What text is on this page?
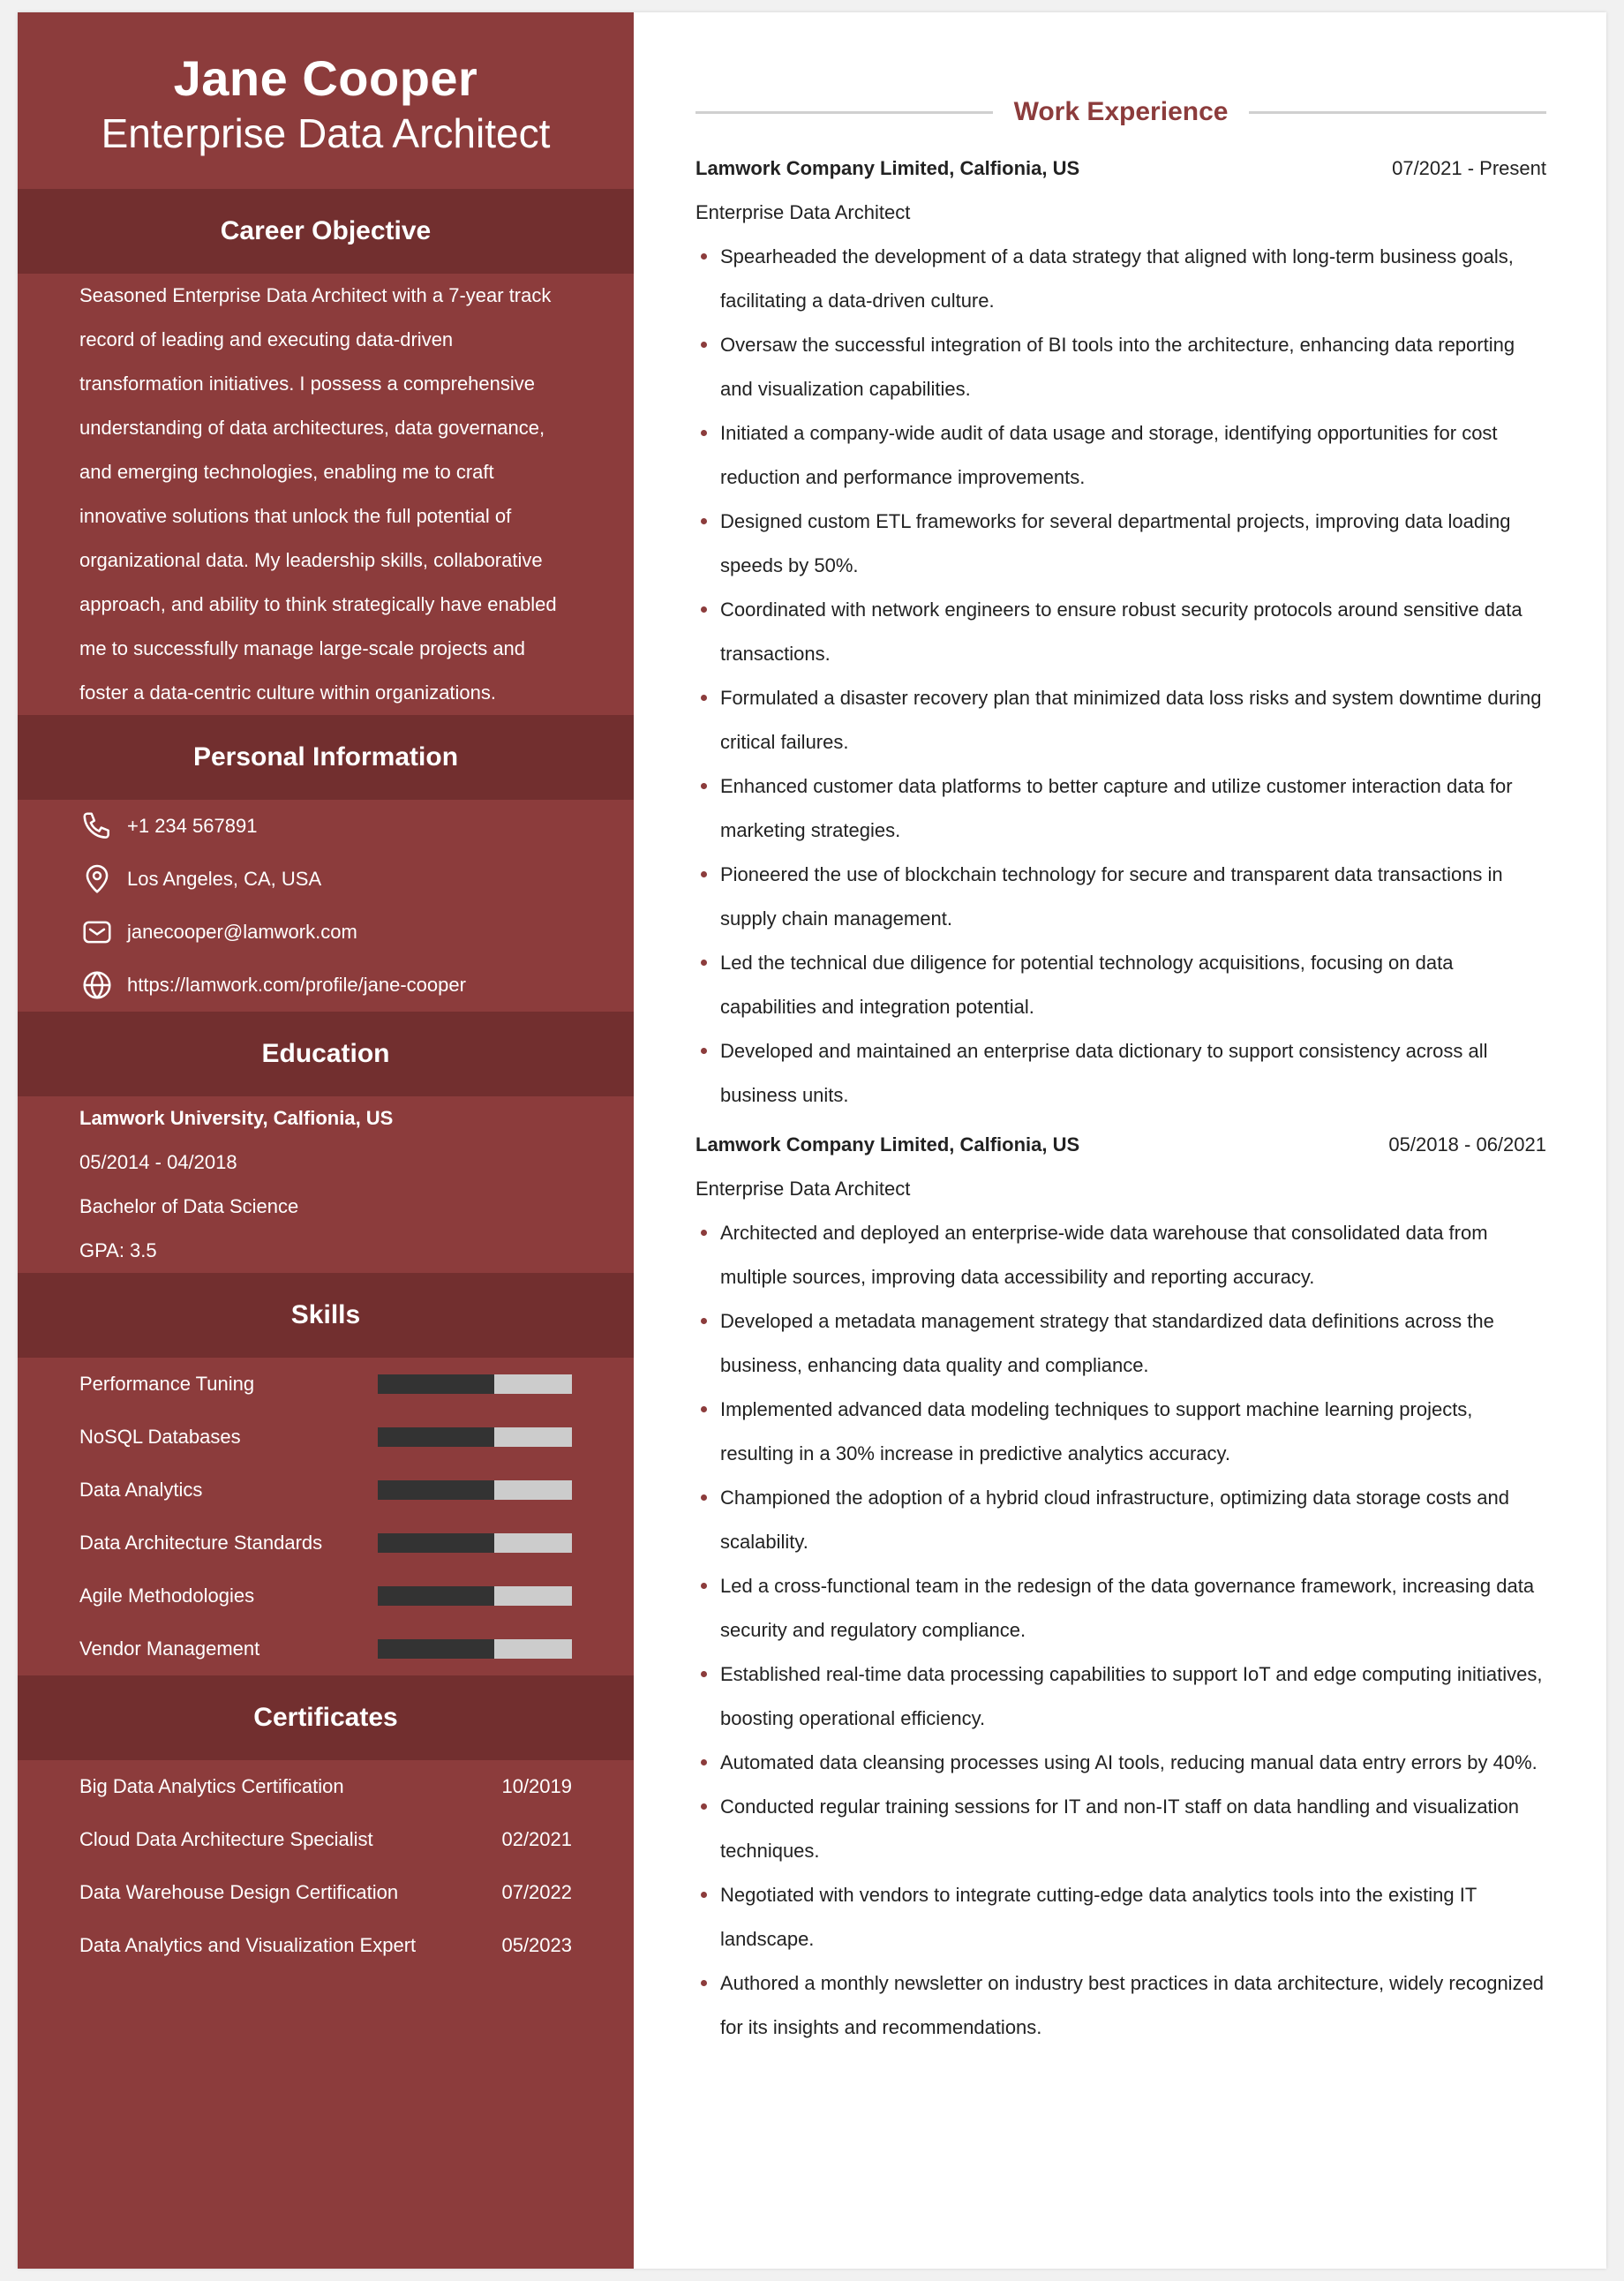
Jane Cooper
Enterprise Data Architect
Career Objective
Seasoned Enterprise Data Architect with a 7-year track record of leading and executing data-driven transformation initiatives. I possess a comprehensive understanding of data architectures, data governance, and emerging technologies, enabling me to craft innovative solutions that unlock the full potential of organizational data. My leadership skills, collaborative approach, and ability to think strategically have enabled me to successfully manage large-scale projects and foster a data-centric culture within organizations.
Personal Information
+1 234 567891
Los Angeles, CA, USA
janecooper@lamwork.com
https://lamwork.com/profile/jane-cooper
Education
Lamwork University, Calfionia, US
05/2014 - 04/2018
Bachelor of Data Science
GPA: 3.5
Skills
Performance Tuning
NoSQL Databases
Data Analytics
Data Architecture Standards
Agile Methodologies
Vendor Management
Certificates
Big Data Analytics Certification	10/2019
Cloud Data Architecture Specialist	02/2021
Data Warehouse Design Certification	07/2022
Data Analytics and Visualization Expert	05/2023
Work Experience
Lamwork Company Limited, Calfionia, US	07/2021 - Present
Enterprise Data Architect
Spearheaded the development of a data strategy that aligned with long-term business goals, facilitating a data-driven culture.
Oversaw the successful integration of BI tools into the architecture, enhancing data reporting and visualization capabilities.
Initiated a company-wide audit of data usage and storage, identifying opportunities for cost reduction and performance improvements.
Designed custom ETL frameworks for several departmental projects, improving data loading speeds by 50%.
Coordinated with network engineers to ensure robust security protocols around sensitive data transactions.
Formulated a disaster recovery plan that minimized data loss risks and system downtime during critical failures.
Enhanced customer data platforms to better capture and utilize customer interaction data for marketing strategies.
Pioneered the use of blockchain technology for secure and transparent data transactions in supply chain management.
Led the technical due diligence for potential technology acquisitions, focusing on data capabilities and integration potential.
Developed and maintained an enterprise data dictionary to support consistency across all business units.
Lamwork Company Limited, Calfionia, US	05/2018 - 06/2021
Enterprise Data Architect
Architected and deployed an enterprise-wide data warehouse that consolidated data from multiple sources, improving data accessibility and reporting accuracy.
Developed a metadata management strategy that standardized data definitions across the business, enhancing data quality and compliance.
Implemented advanced data modeling techniques to support machine learning projects, resulting in a 30% increase in predictive analytics accuracy.
Championed the adoption of a hybrid cloud infrastructure, optimizing data storage costs and scalability.
Led a cross-functional team in the redesign of the data governance framework, increasing data security and regulatory compliance.
Established real-time data processing capabilities to support IoT and edge computing initiatives, boosting operational efficiency.
Automated data cleansing processes using AI tools, reducing manual data entry errors by 40%.
Conducted regular training sessions for IT and non-IT staff on data handling and visualization techniques.
Negotiated with vendors to integrate cutting-edge data analytics tools into the existing IT landscape.
Authored a monthly newsletter on industry best practices in data architecture, widely recognized for its insights and recommendations.
